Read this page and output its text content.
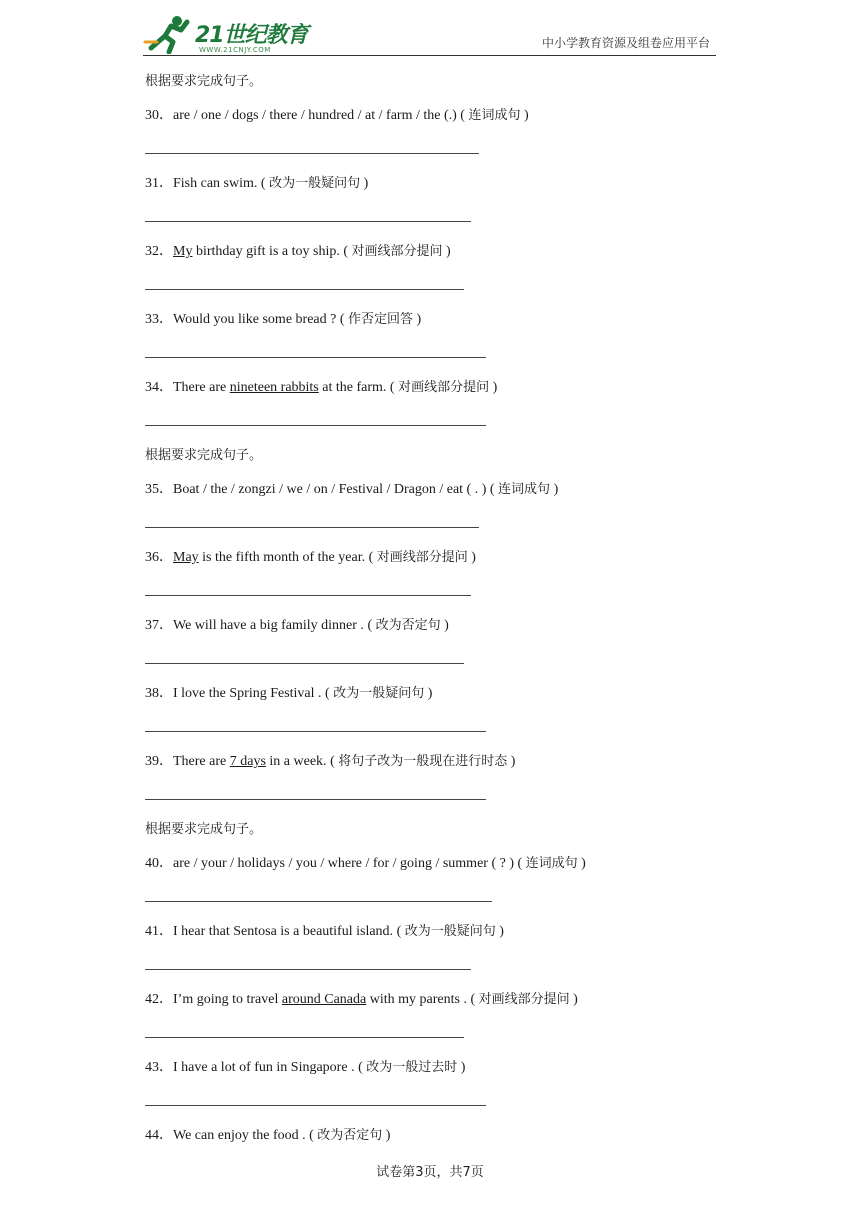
21世纪教育
WWW.21CNJY.COM	中小学教育资源及组卷应用平台
根据要求完成句子。
30．are / one / dogs / there / hundred / at / farm / the (.) ( 连词成句 )
31．Fish can swim. ( 改为一般疑问句 )
32．My birthday gift is a toy ship. ( 对画线部分提问 )
33．Would you like some bread ? ( 作否定回答 )
34．There are nineteen rabbits at the farm. ( 对画线部分提问 )
根据要求完成句子。
35．Boat / the / zongzi / we / on / Festival / Dragon / eat ( . ) ( 连词成句 )
36．May is the fifth month of the year. ( 对画线部分提问 )
37．We will have a big family dinner . ( 改为否定句 )
38．I love the Spring Festival . ( 改为一般疑问句 )
39．There are 7 days in a week. ( 将句子改为一般现在进行时态 )
根据要求完成句子。
40．are / your / holidays / you / where / for / going / summer ( ? ) ( 连词成句 )
41．I hear that Sentosa is a beautiful island. ( 改为一般疑问句 )
42．I’m going to travel around Canada with my parents . ( 对画线部分提问 )
43．I have a lot of fun in Singapore . ( 改为一般过去时 )
44．We can enjoy the food . ( 改为否定句 )
试卷第3页，共7页
